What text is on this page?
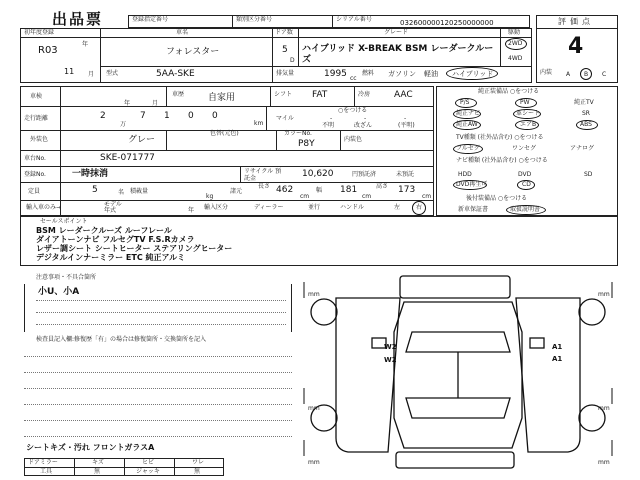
出品票	登録指定番号	類別区分番号	シリアル番号	032600000120250000000	評価点
4
初年度登録
R03
年
11 月
車名
フォレスター
ドア数
5
D
グレード
ハイブリッド X-BREAK BSM レーダークルーズ
駆動
2WD
4WD
型式	5AA-SKE	排気量	1995 cc
燃料 ガソリン 軽油 ハイブリッド	内装 A B C
車検
年	月
車歴	自家用	シフト FAT	冷房	AAC
走行距離	2
万
7 1 0 0
km
マイル
○をつける
-	-	-
不明	改ざん	(平明)
外装色	グレー
色替(元色)	カラーNo.
P8Y	内装色
車台No.	SKE-071777
登録No.	一時抹消	リサイクル 預託金	10,620	円預託済	未預託
定員	5	名 積載量
kg
諸元
長さ 462
cm
幅 181
cm
高さ 173
cm
輸入車のみ→	モデル 年式	年 輸入区分	ディーラー	並行	ハンドル	左	右
純正装備品 ○をつける
P/S	PW	純正TV
純正ナビ	革シート	SR
純正AW	エアB	ABS
TV種類 (社外品含む) ○をつける
フルセグ	ワンセグ	アナログ
ナビ種類 (社外品含む) ○をつける
HDD	DVD	SD
DVD再生可	CD
後付装備品 ○をつける
新車保証書	取扱説明書
セールスポイント
BSM レーダークルーズ ルーフレール
ダイアトーンナビ フルセグTV F.S.Rカメラ
レザー調シート シートヒーター ステアリングヒーター
デジタルインナーミラー ETC 純正アルミ
注意事項・不具合箇所
小U、小A
検査員記入欄:修復歴「有」の場合は修復箇所・交換箇所を記入
シートキズ・汚れ フロントガラスA
ドアミラー	キズ	ヒビ	ワレ
工具	無	ジャッキ	無
mm	mm
mm	mm
mm	mm
W2
W2
A1
A1
